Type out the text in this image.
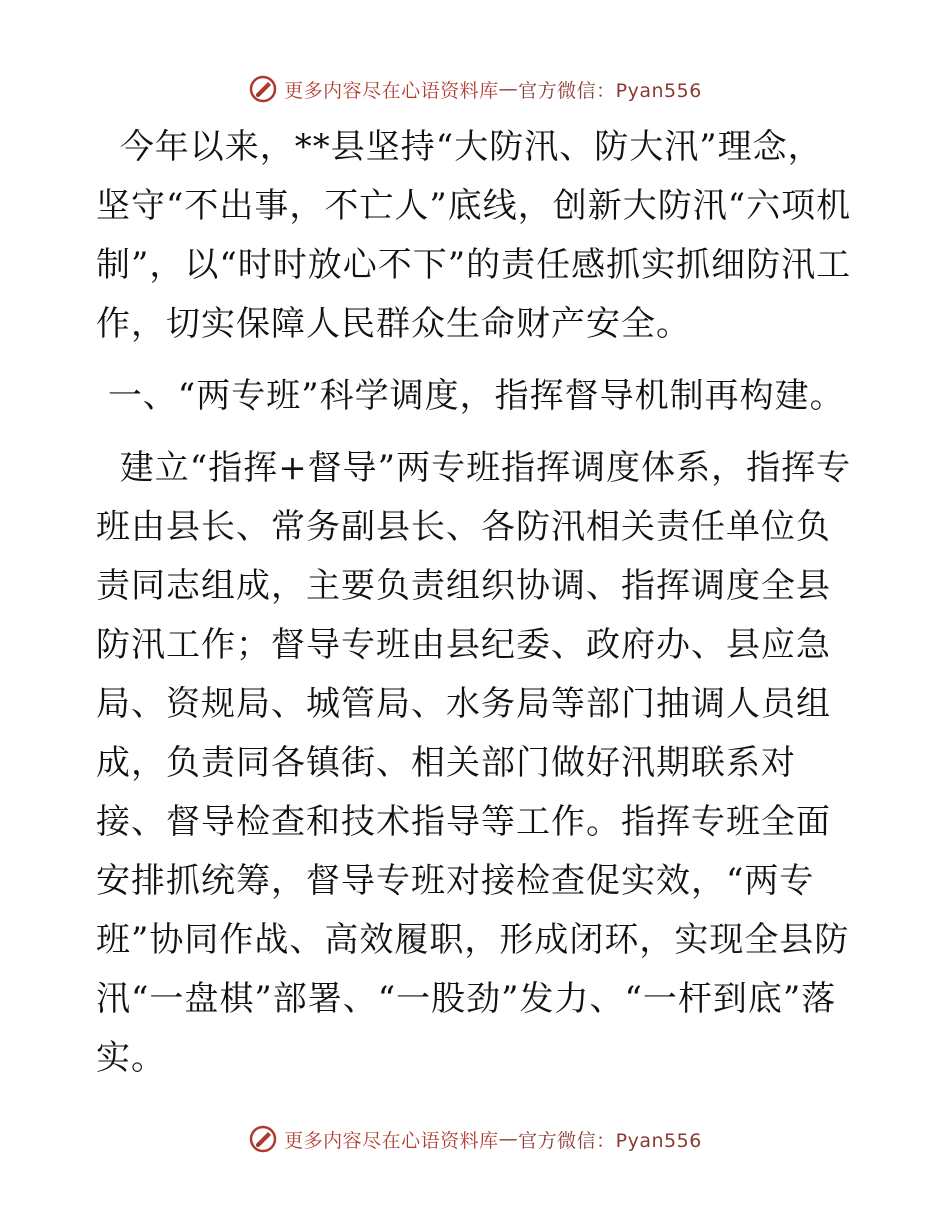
更多内容尽在心语资料库 — 官方微信：Pyan556

今年以来，**县坚持“大防汛、防大汛”理念，坚守“不出事，不亡人”底线，创新大防汛“六项机制”，以“时时放心不下”的责任感抓实抓细防汛工作，切实保障人民群众生命财产安全。

一、“两专班”科学调度，指挥督导机制再构建。

建立“指挥+督导”两专班指挥调度体系，指挥专班由县长、常务副县长、各防汛相关责任单位负责同志组成，主要负责组织协调、指挥调度全县防汛工作；督导专班由县纪委、政府办、县应急局、资规局、城管局、水务局等部门抽调人员组成，负责同各镇街、相关部门做好汛期联系对接、督导检查和技术指导等工作。指挥专班全面安排抓统筹，督导专班对接检查促实效，“两专班”协同作战、高效履职，形成闭环，实现全县防汛“一盘棋”部署、“一股劲”发力、“一杆到底”落实。

更多内容尽在心语资料库 — 官方微信：Pyan556
